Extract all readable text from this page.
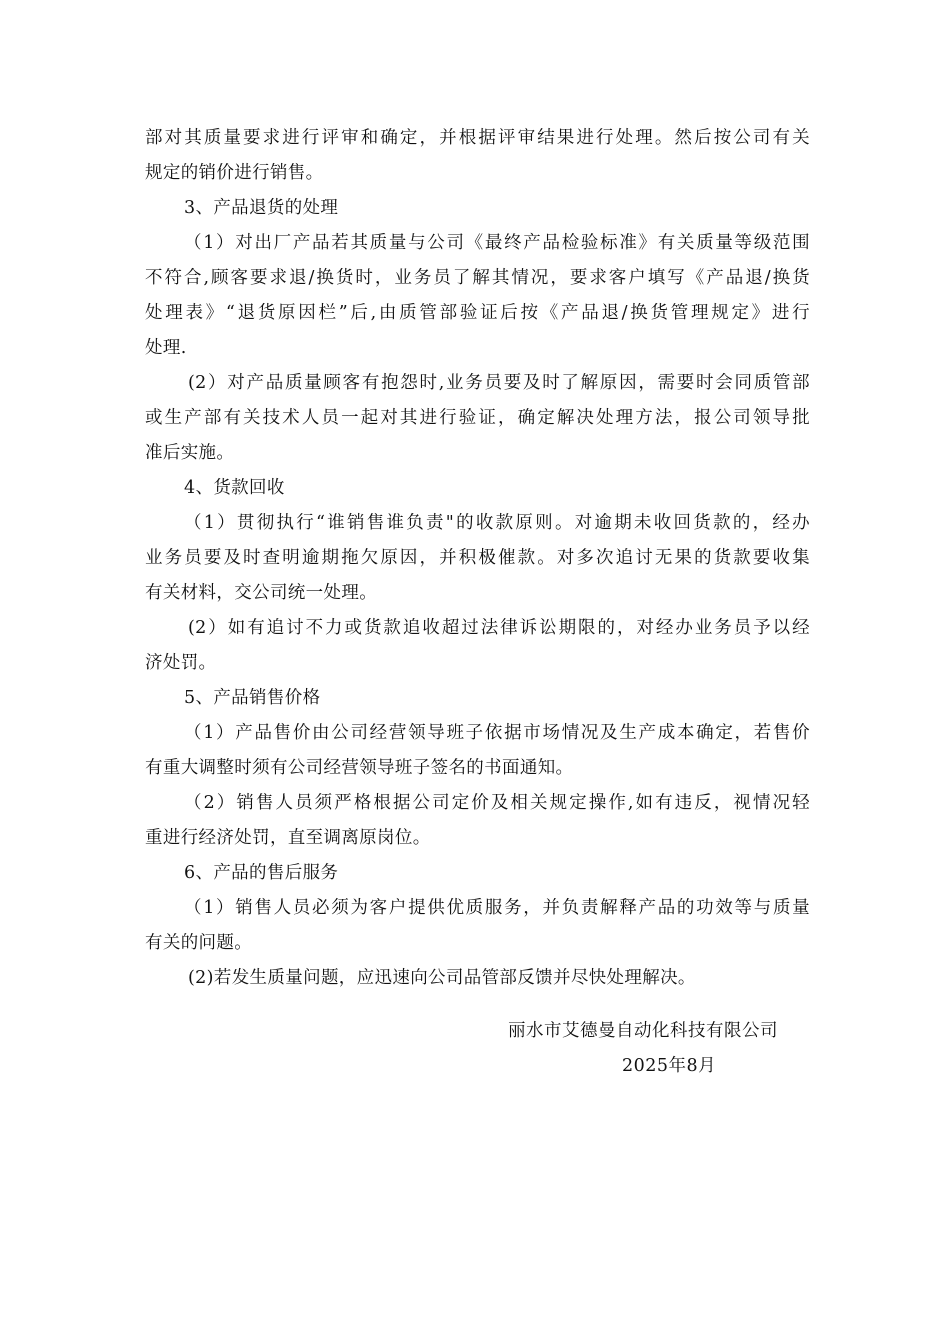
部对其质量要求进行评审和确定，并根据评审结果进行处理。然后按公司有关
规定的销价进行销售。
3、产品退货的处理
（1）对出厂产品若其质量与公司《最终产品检验标准》有关质量等级范围
不符合,顾客要求退/换货时，业务员了解其情况，要求客户填写《产品退/换货
处理表》“退货原因栏”后,由质管部验证后按《产品退/换货管理规定》进行
处理.
(2）对产品质量顾客有抱怨时,业务员要及时了解原因，需要时会同质管部
或生产部有关技术人员一起对其进行验证，确定解决处理方法，报公司领导批
准后实施。
4、货款回收
（1）贯彻执行“谁销售谁负责"的收款原则。对逾期未收回货款的，经办
业务员要及时查明逾期拖欠原因，并积极催款。对多次追讨无果的货款要收集
有关材料，交公司统一处理。
(2）如有追讨不力或货款追收超过法律诉讼期限的，对经办业务员予以经
济处罚。
5、产品销售价格
（1）产品售价由公司经营领导班子依据市场情况及生产成本确定，若售价
有重大调整时须有公司经营领导班子签名的书面通知。
（2）销售人员须严格根据公司定价及相关规定操作,如有违反，视情况轻
重进行经济处罚，直至调离原岗位。
6、产品的售后服务
（1）销售人员必须为客户提供优质服务，并负责解释产品的功效等与质量
有关的问题。
(2)若发生质量问题，应迅速向公司品管部反馈并尽快处理解决。
丽水市艾德曼自动化科技有限公司
2025年8月
